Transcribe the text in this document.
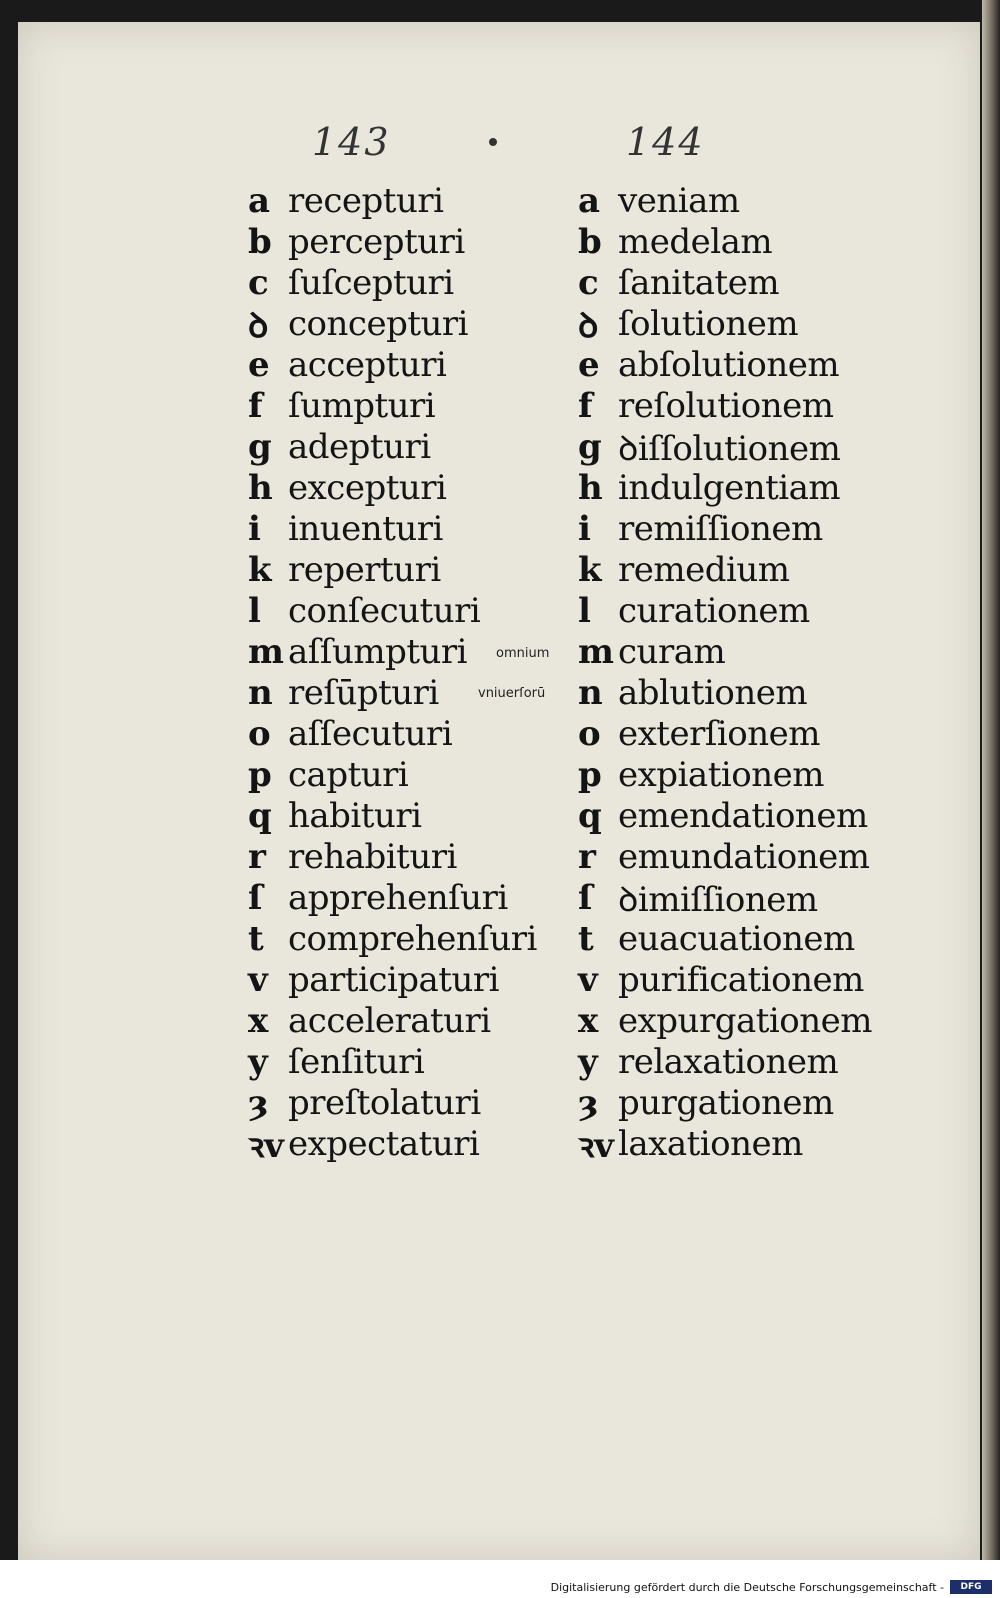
143	144
a recepturi
b percepturi
c ſuſcepturi
ꝺ concepturi
e accepturi
f ſumpturi
g adepturi
h excepturi
i inuenturi
k reperturi
l conſecuturi
m aſſumpturi
n reſūpturi
o aſſecuturi
p capturi
q habituri
r rehabituri
ſ apprehenſuri
t comprehenſuri
v participaturi
x acceleraturi
y ſenſituri
ȝ preſtolaturi
ꝛv expectaturi
a veniam
b medelam
c ſanitatem
ꝺ ſolutionem
e abſolutionem
f reſolutionem
g ꝺiſſolutionem
h indulgentiam
i remiſſionem
k remedium
l curationem
m curam
n ablutionem
o exterſionem
p expiationem
q emendationem
r emundationem
ſ ꝺimiſſionem
t euacuationem
v purificationem
x expurgationem
y relaxationem
ȝ purgationem
ꝛv laxationem
omnium
vniuerſorū
Digitalisierung gefördert durch die Deutsche Forschungsgemeinschaft -	DFG
